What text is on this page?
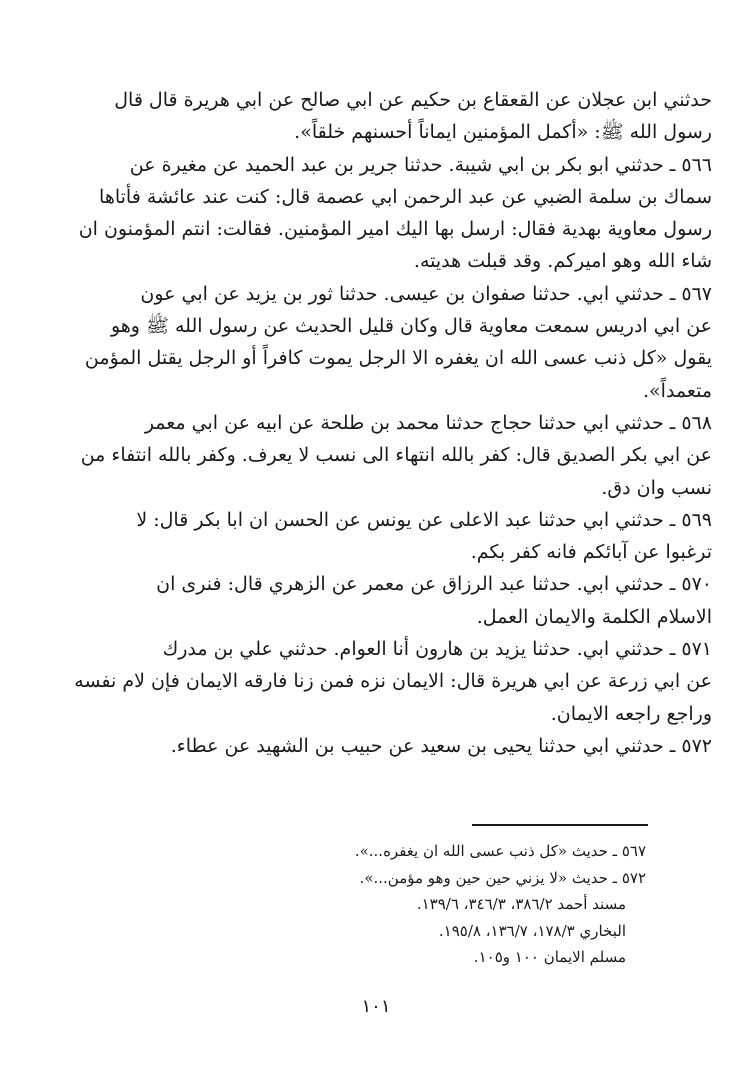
حدثني ابن عجلان عن القعقاع بن حكيم عن ابي صالح عن ابي هريرة قال قال
رسول الله ﷺ: «أكمل المؤمنين ايماناً أحسنهم خلقاً».
٥٦٦ ـ حدثني ابو بكر بن ابي شيبة. حدثنا جرير بن عبد الحميد عن مغيرة عن
سماك بن سلمة الضبي عن عبد الرحمن ابي عصمة قال: كنت عند عائشة فأتاها
رسول معاوية بهدية فقال: ارسل بها اليك امير المؤمنين. فقالت: انتم المؤمنون ان
شاء الله وهو اميركم. وقد قبلت هديته.
٥٦٧ ـ حدثني ابي. حدثنا صفوان بن عيسى. حدثنا ثور بن يزيد عن ابي عون
عن ابي ادريس سمعت معاوية قال وكان قليل الحديث عن رسول الله ﷺ وهو
يقول «كل ذنب عسى الله ان يغفره الا الرجل يموت كافراً أو الرجل يقتل المؤمن
متعمداً».
٥٦٨ ـ حدثني ابي حدثنا حجاج حدثنا محمد بن طلحة عن ابيه عن ابي معمر
عن ابي بكر الصديق قال: كفر بالله انتهاء الى نسب لا يعرف. وكفر بالله انتفاء من
نسب وان دق.
٥٦٩ ـ حدثني ابي حدثنا عبد الاعلى عن يونس عن الحسن ان ابا بكر قال: لا
ترغبوا عن آبائكم فانه كفر بكم.
٥٧٠ ـ حدثني ابي. حدثنا عبد الرزاق عن معمر عن الزهري قال: فنرى ان
الاسلام الكلمة والايمان العمل.
٥٧١ ـ حدثني ابي. حدثنا يزيد بن هارون أنا العوام. حدثني علي بن مدرك
عن ابي زرعة عن ابي هريرة قال: الايمان نزه فمن زنا فارقه الايمان فإن لام نفسه
وراجع راجعه الايمان.
٥٧٢ ـ حدثني ابي حدثنا يحيى بن سعيد عن حبيب بن الشهيد عن عطاء.
٥٦٧ ـ حديث «كل ذنب عسى الله ان يغفره...».
٥٧٢ ـ حديث «لا يزني حين حين وهو مؤمن...».
مسند أحمد ٣٨٦/٢، ٣٤٦/٣، ١٣٩/٦.
البخاري ١٧٨/٣، ١٣٦/٧، ١٩٥/٨.
مسلم الايمان ١٠٠ و١٠٥.
١٠١
